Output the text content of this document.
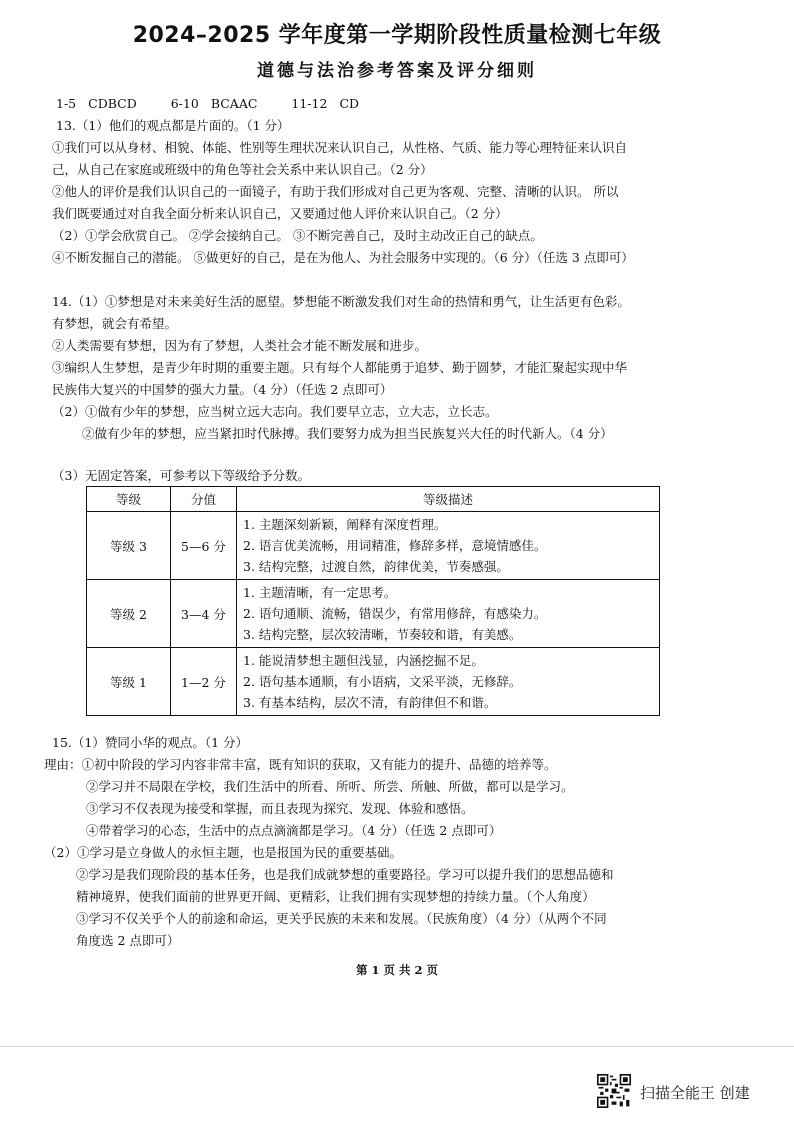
2024–2025 学年度第一学期阶段性质量检测七年级
道德与法治参考答案及评分细则
1-5 CDBCD	6-10 BCAAC	11-12 CD
13.（1）他们的观点都是片面的。（1 分）
①我们可以从身材、相貌、体能、性别等生理状况来认识自己，从性格、气质、能力等心理特征来认识自
己，从自己在家庭或班级中的角色等社会关系中来认识自己。（2 分）
②他人的评价是我们认识自己的一面镜子，有助于我们形成对自己更为客观、完整、清晰的认识。 所以
我们既要通过对自我全面分析来认识自己，又要通过他人评价来认识自己。（2 分）
（2）①学会欣赏自己。 ②学会接纳自己。 ③不断完善自己，及时主动改正自己的缺点。
④不断发掘自己的潜能。 ⑤做更好的自己，是在为他人、为社会服务中实现的。（6 分）（任选 3 点即可）
14.（1）①梦想是对未来美好生活的愿望。梦想能不断激发我们对生命的热情和勇气，让生活更有色彩。
有梦想，就会有希望。
②人类需要有梦想，因为有了梦想，人类社会才能不断发展和进步。
③编织人生梦想，是青少年时期的重要主题。只有每个人都能勇于追梦、勤于圆梦，才能汇聚起实现中华
民族伟大复兴的中国梦的强大力量。（4 分）（任选 2 点即可）
（2）①做有少年的梦想，应当树立远大志向。我们要早立志，立大志，立长志。
②做有少年的梦想，应当紧扣时代脉搏。我们要努力成为担当民族复兴大任的时代新人。（4 分）
（3）无固定答案，可参考以下等级给予分数。
等级	分值	等级描述
等级 3	5—6 分	1. 主题深刻新颖，阐释有深度哲理。
2. 语言优美流畅，用词精准，修辞多样，意境情感佳。
3. 结构完整，过渡自然，韵律优美，节奏感强。

等级 2	3—4 分	1. 主题清晰，有一定思考。
2. 语句通顺、流畅，错误少，有常用修辞，有感染力。
3. 结构完整，层次较清晰，节奏较和谐，有美感。

等级 1	1—2 分	1. 能说清梦想主题但浅显，内涵挖掘不足。
2. 语句基本通顺，有小语病，文采平淡，无修辞。
3. 有基本结构，层次不清，有韵律但不和谐。
15.（1）赞同小华的观点。（1 分）
理由：①初中阶段的学习内容非常丰富，既有知识的获取，又有能力的提升、品德的培养等。
②学习并不局限在学校，我们生活中的所看、所听、所尝、所触、所做，都可以是学习。
③学习不仅表现为接受和掌握，而且表现为探究、发现、体验和感悟。
④带着学习的心态，生活中的点点滴滴都是学习。（4 分）（任选 2 点即可）
（2）①学习是立身做人的永恒主题，也是报国为民的重要基础。
②学习是我们现阶段的基本任务，也是我们成就梦想的重要路径。学习可以提升我们的思想品德和
精神境界，使我们面前的世界更开阔、更精彩，让我们拥有实现梦想的持续力量。（个人角度）
③学习不仅关乎个人的前途和命运，更关乎民族的未来和发展。（民族角度）（4 分）（从两个不同
角度选 2 点即可）
第 1 页 共 2 页
扫描全能王 创建
